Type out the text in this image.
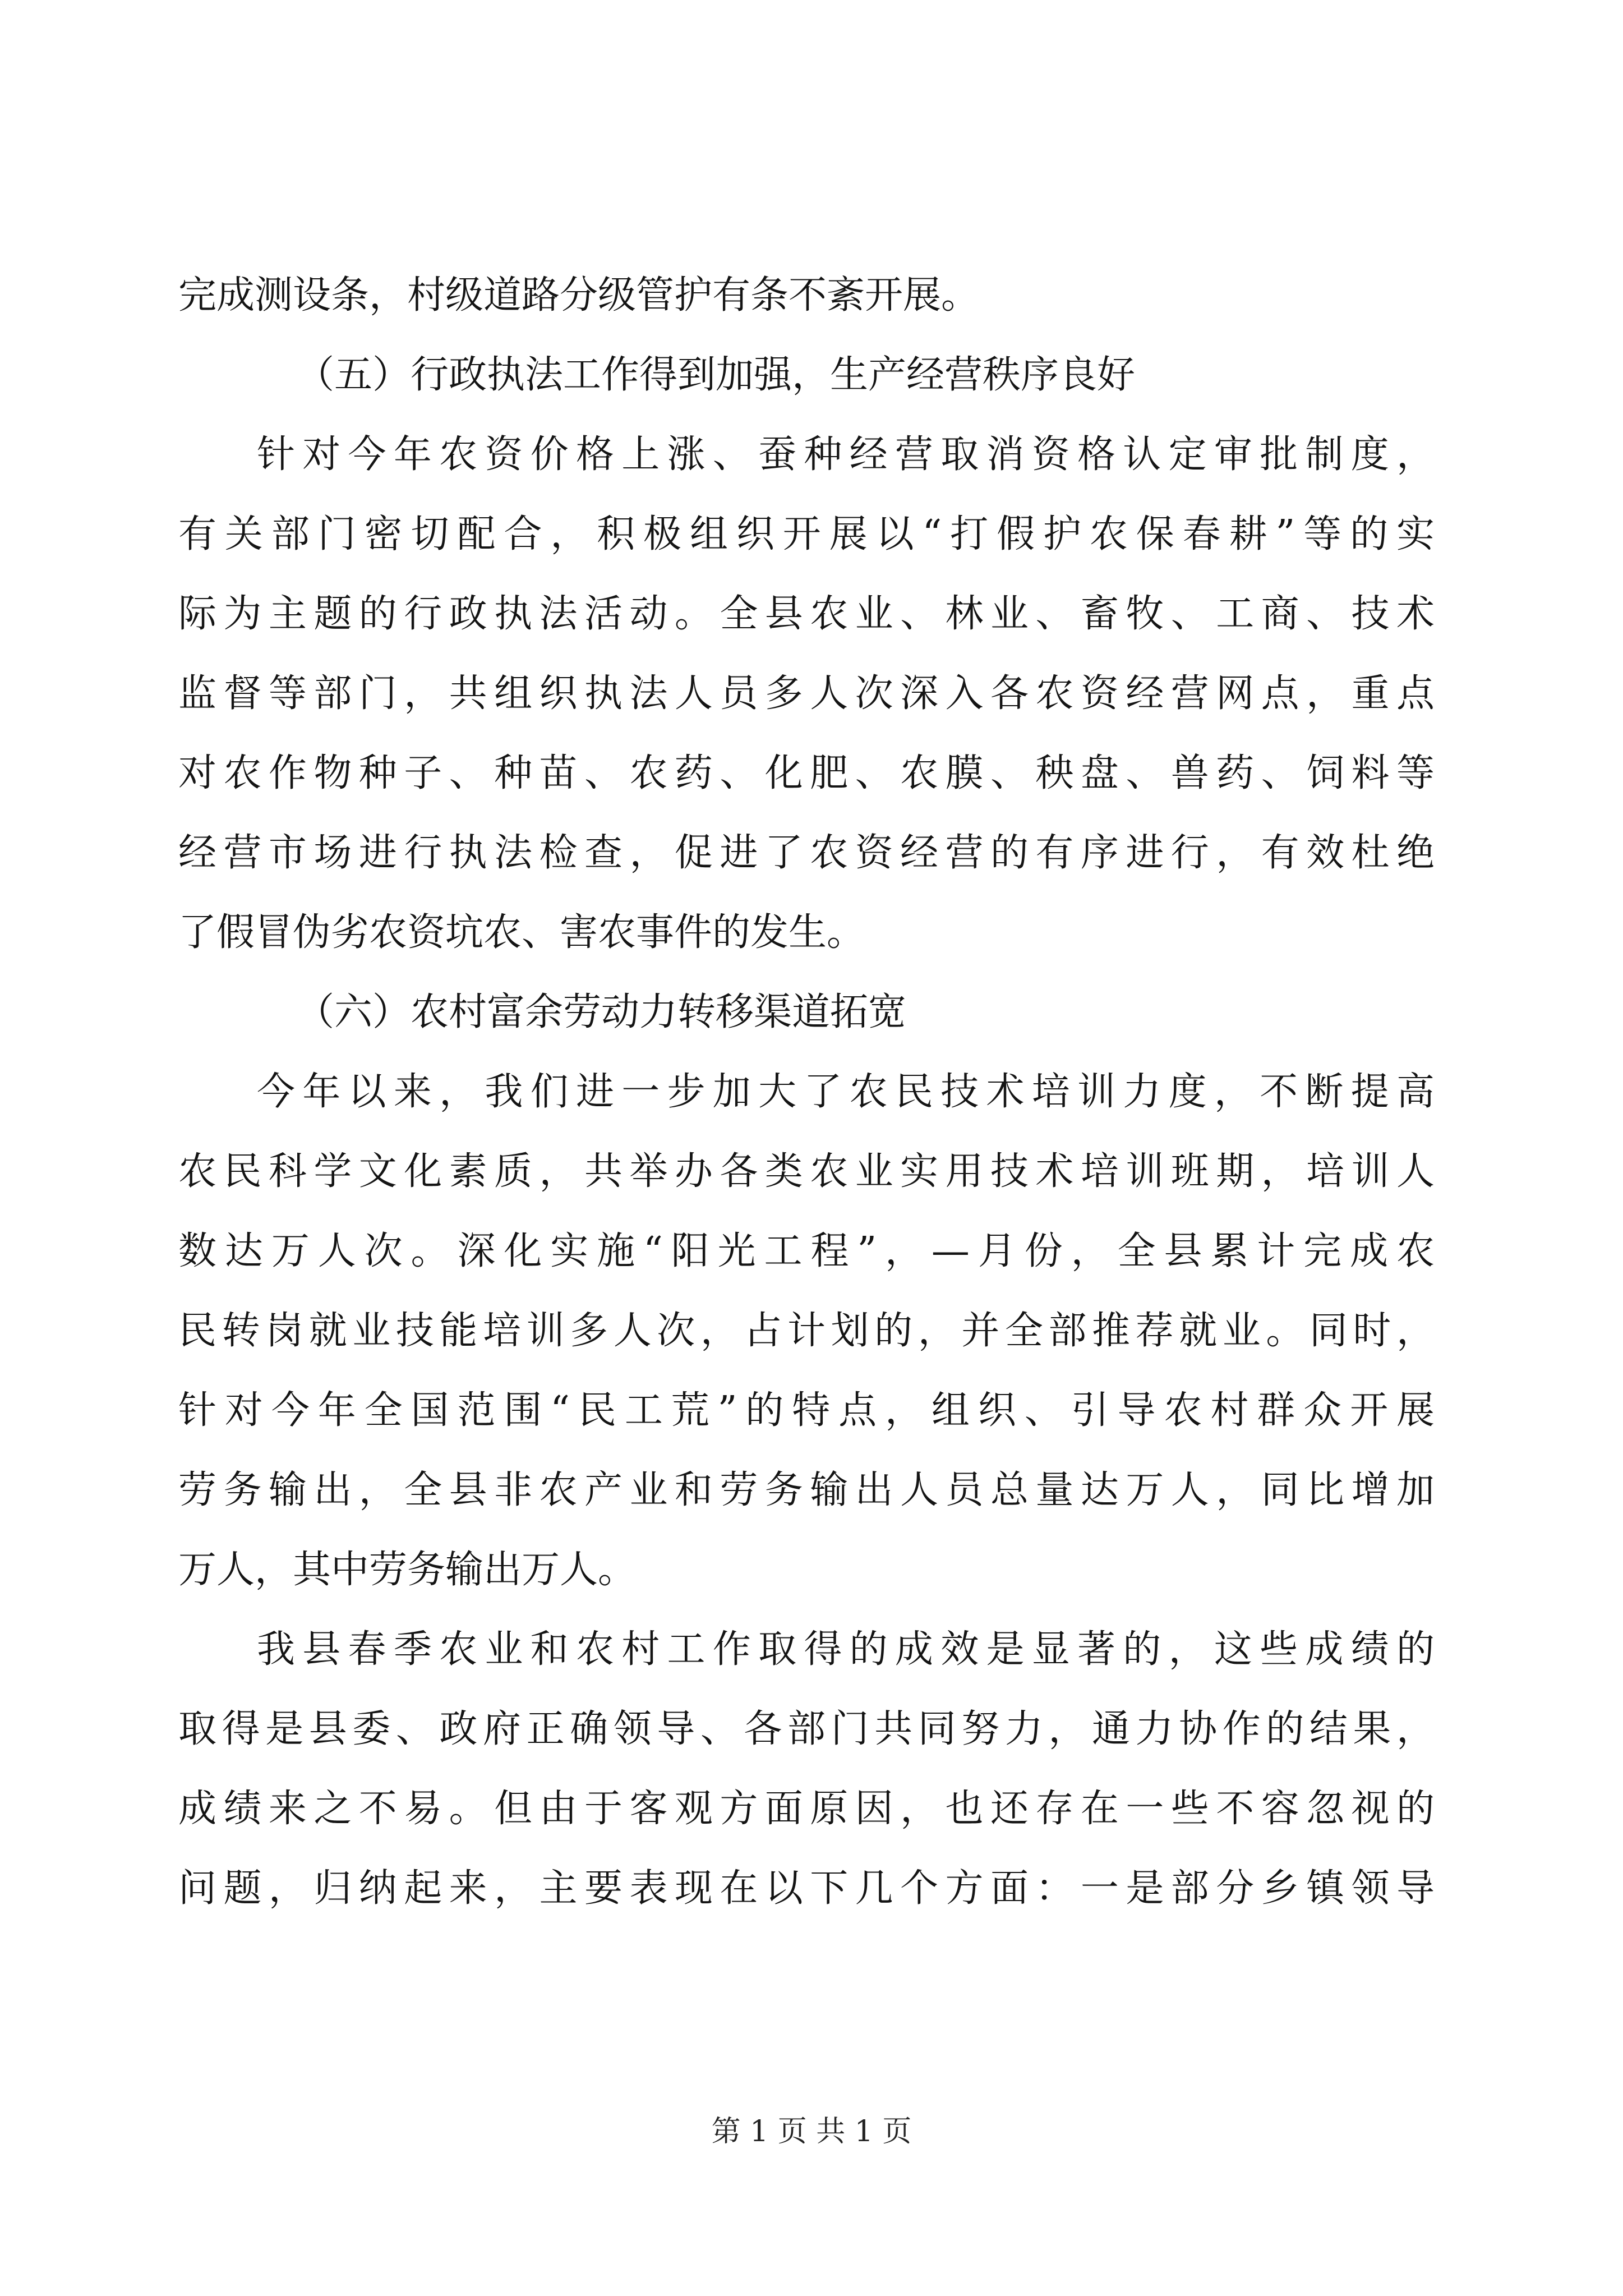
完成测设条，村级道路分级管护有条不紊开展。
（五）行政执法工作得到加强，生产经营秩序良好
针对今年农资价格上涨、蚕种经营取消资格认定审批制度，
有关部门密切配合，积极组织开展以“打假护农保春耕”等的实
际为主题的行政执法活动。全县农业、林业、畜牧、工商、技术
监督等部门，共组织执法人员多人次深入各农资经营网点，重点
对农作物种子、种苗、农药、化肥、农膜、秧盘、兽药、饲料等
经营市场进行执法检查，促进了农资经营的有序进行，有效杜绝
了假冒伪劣农资坑农、害农事件的发生。
（六）农村富余劳动力转移渠道拓宽
今年以来，我们进一步加大了农民技术培训力度，不断提高
农民科学文化素质，共举办各类农业实用技术培训班期，培训人
数达万人次。深化实施“阳光工程”，—月份，全县累计完成农
民转岗就业技能培训多人次，占计划的，并全部推荐就业。同时，
针对今年全国范围“民工荒”的特点，组织、引导农村群众开展
劳务输出，全县非农产业和劳务输出人员总量达万人，同比增加
万人，其中劳务输出万人。
我县春季农业和农村工作取得的成效是显著的，这些成绩的
取得是县委、政府正确领导、各部门共同努力，通力协作的结果，
成绩来之不易。但由于客观方面原因，也还存在一些不容忽视的
问题，归纳起来，主要表现在以下几个方面：一是部分乡镇领导
第 1 页 共 1 页
